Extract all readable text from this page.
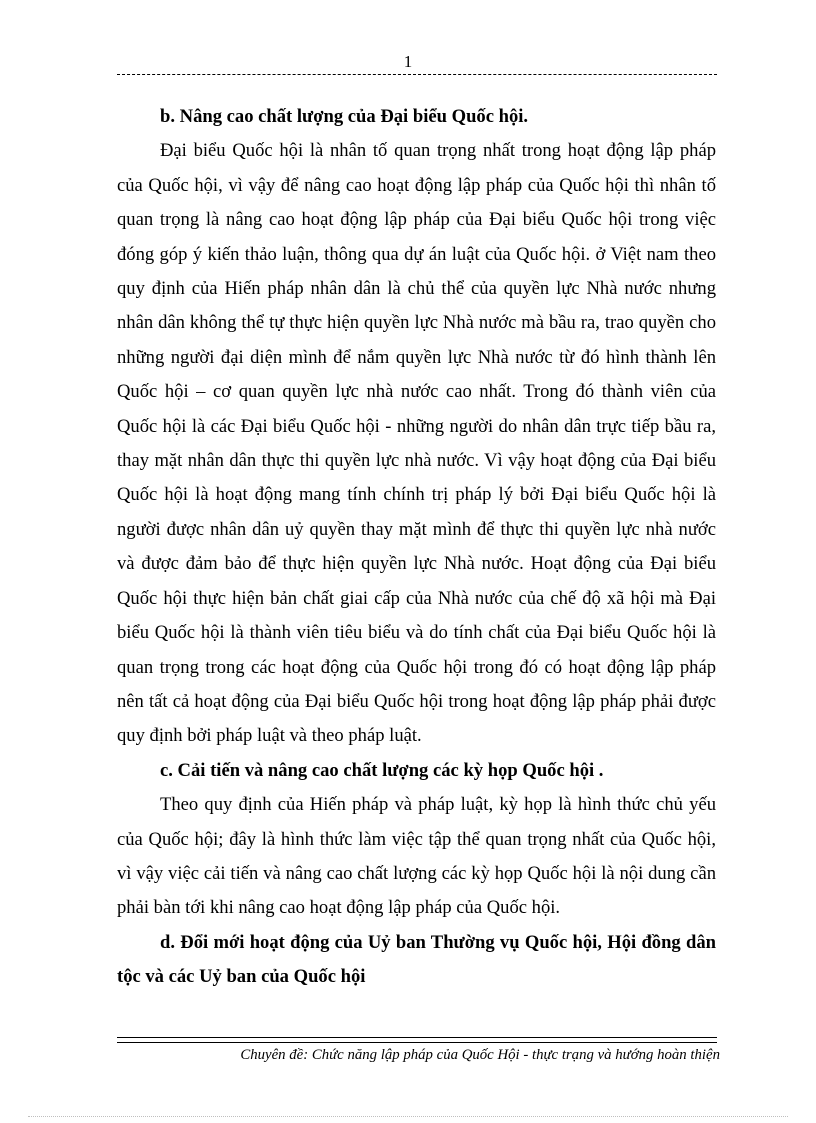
1
b. Nâng cao chất lượng của Đại biểu Quốc hội.

Đại biểu Quốc hội là nhân tố quan trọng nhất trong hoạt động lập pháp của Quốc hội, vì vậy để nâng cao hoạt động lập pháp của Quốc hội thì nhân tố quan trọng là nâng cao hoạt động lập pháp của Đại biểu Quốc hội trong việc đóng góp ý kiến thảo luận, thông qua dự án luật của Quốc hội. ở Việt nam theo quy định của Hiến pháp nhân dân là chủ thể của quyền lực Nhà nước nhưng nhân dân không thể tự thực hiện quyền lực Nhà nước mà bầu ra, trao quyền cho những người đại diện mình để nắm quyền lực Nhà nước từ đó hình thành lên Quốc hội – cơ quan quyền lực nhà nước cao nhất. Trong đó thành viên của Quốc hội là các Đại biểu Quốc hội - những người do nhân dân trực tiếp bầu ra, thay mặt nhân dân thực thi quyền lực nhà nước. Vì vậy hoạt động của Đại biểu Quốc hội là hoạt động mang tính chính trị pháp lý bởi Đại biểu Quốc hội là người được nhân dân uỷ quyền thay mặt mình để thực thi quyền lực nhà nước và được đảm bảo để thực hiện quyền lực Nhà nước. Hoạt động của Đại biểu Quốc hội thực hiện bản chất giai cấp của Nhà nước của chế độ xã hội mà Đại biểu Quốc hội là thành viên tiêu biểu và do tính chất của Đại biểu Quốc hội là quan trọng trong các hoạt động của Quốc hội trong đó có hoạt động lập pháp nên tất cả hoạt động của Đại biểu Quốc hội trong hoạt động lập pháp phải được quy định bởi pháp luật và theo pháp luật.

c. Cải tiến và nâng cao chất lượng các kỳ họp Quốc hội .

Theo quy định của Hiến pháp và pháp luật, kỳ họp là hình thức chủ yếu của Quốc hội; đây là hình thức làm việc tập thể quan trọng nhất của Quốc hội, vì vậy việc cải tiến và nâng cao chất lượng các kỳ họp Quốc hội là nội dung cần phải bàn tới khi nâng cao hoạt động lập pháp của Quốc hội.

d. Đổi mới hoạt động của Uỷ ban Thường vụ Quốc hội, Hội đồng dân tộc và các Uỷ ban của Quốc hội
Chuyên đề: Chức năng lập pháp của Quốc Hội - thực trạng và hướng hoàn thiện
